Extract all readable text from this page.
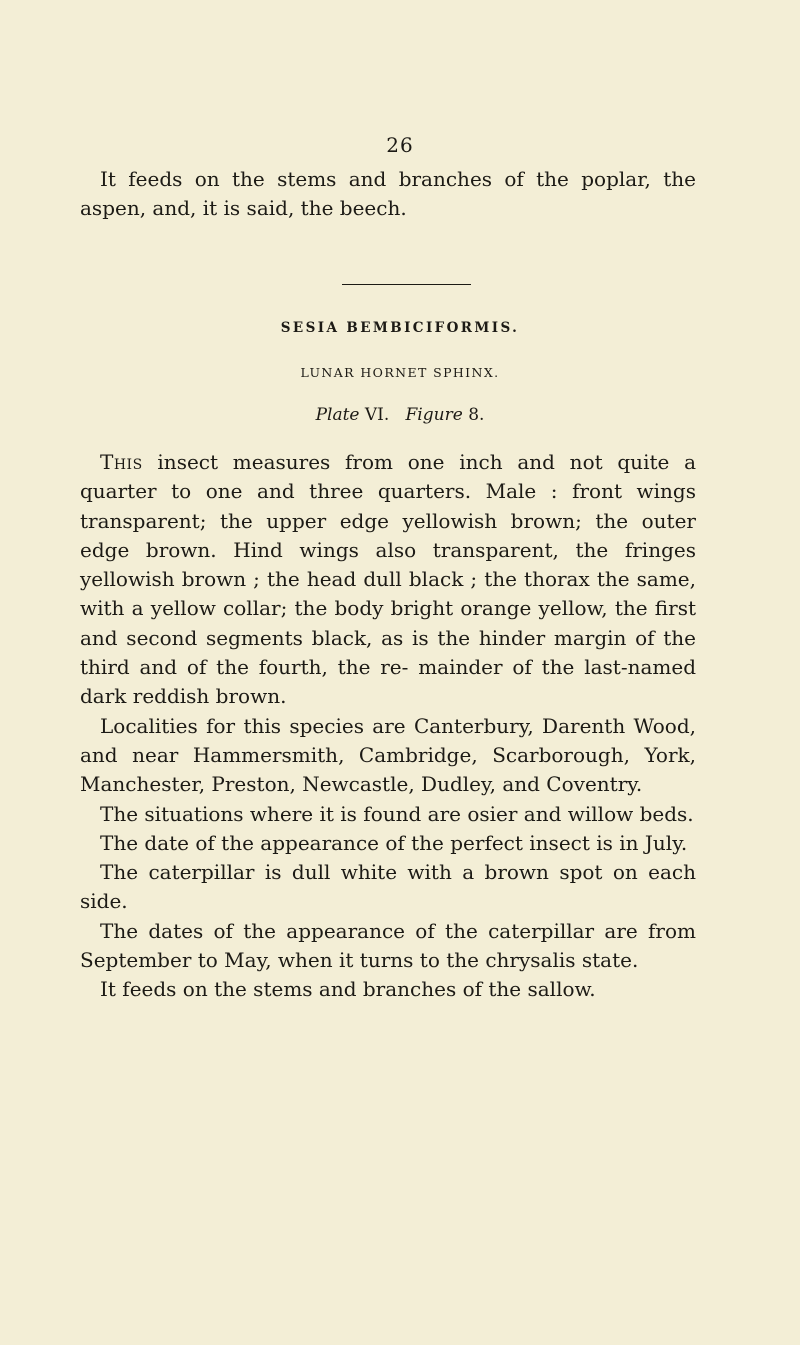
26

It feeds on the stems and branches of the poplar, the aspen, and, it is said, the beech.

SESIA BEMBICIFORMIS.
LUNAR HORNET SPHINX.
Plate VI. Figure 8.

This insect measures from one inch and not quite a quarter to one and three quarters. Male : front wings transparent; the upper edge yellowish brown; the outer edge brown. Hind wings also transparent, the fringes yellowish brown ; the head dull black ; the thorax the same, with a yellow collar; the body bright orange yellow, the first and second segments black, as is the hinder margin of the third and of the fourth, the re- mainder of the last-named dark reddish brown.

Localities for this species are Canterbury, Darenth Wood, and near Hammersmith, Cambridge, Scarborough, York, Manchester, Preston, Newcastle, Dudley, and Coventry.

The situations where it is found are osier and willow beds.

The date of the appearance of the perfect insect is in July.

The caterpillar is dull white with a brown spot on each side.

The dates of the appearance of the caterpillar are from September to May, when it turns to the chrysalis state.

It feeds on the stems and branches of the sallow.
